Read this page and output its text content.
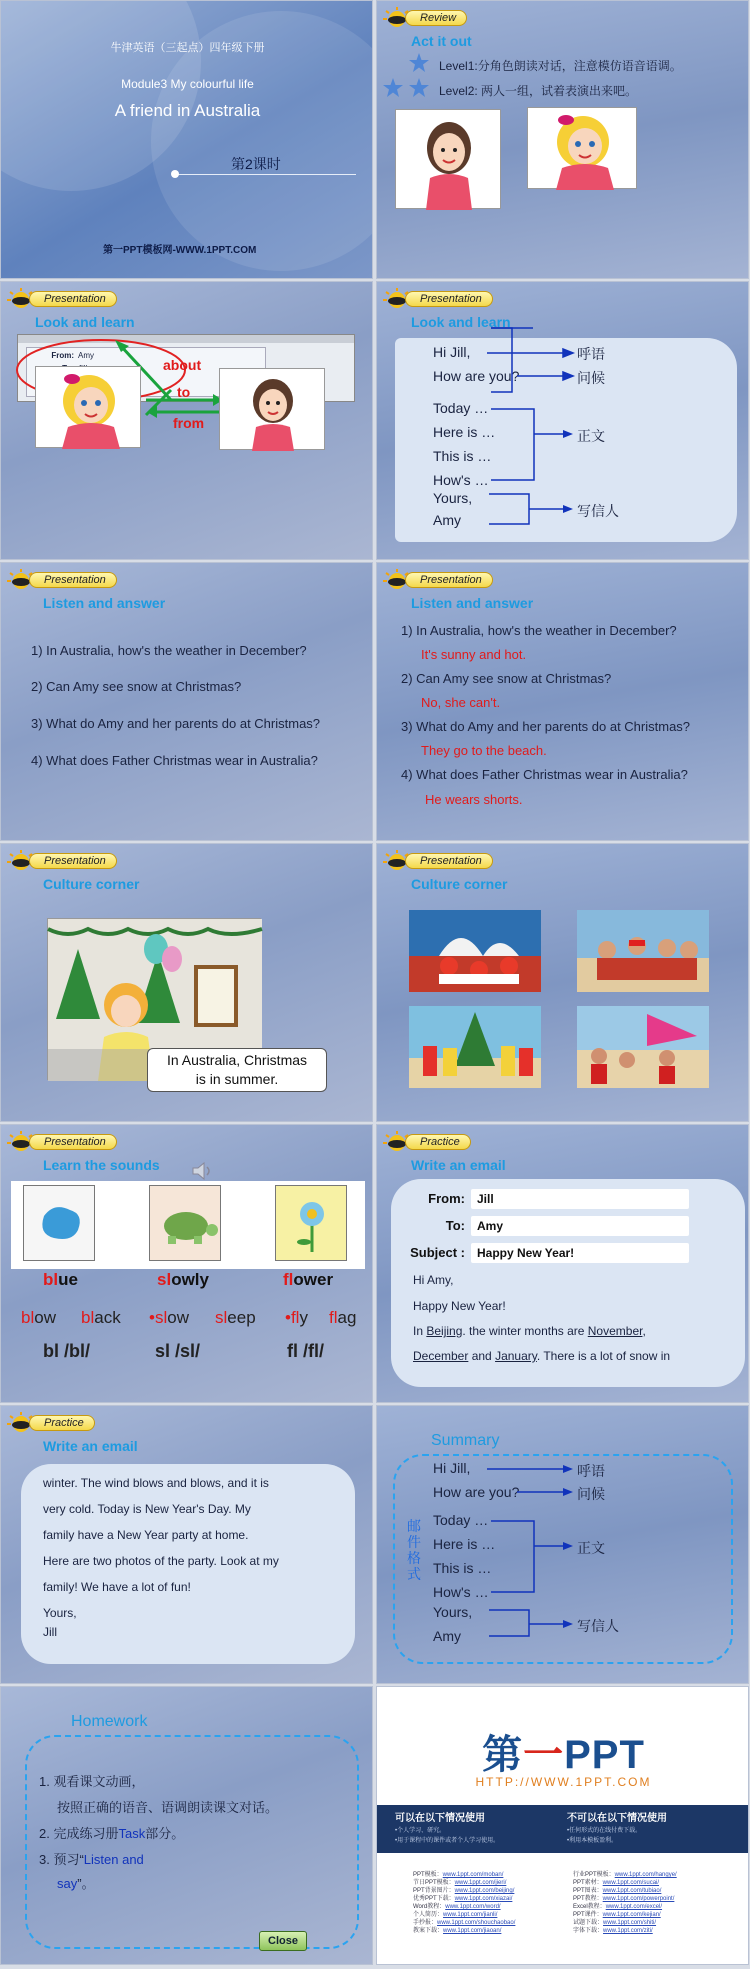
牛津英语（三起点）四年级下册
Module3 My colourful life
A friend in Australia
第2课时
第一PPT模板网-WWW.1PPT.COM
Review
Act it out
Level1:分角色朗读对话，注意模仿语音语调。
Level2: 两人一组，试着表演出来吧。
Presentation
Look and learn
From: Amy
about
to
from
Presentation
Look and learn
Hi Jill,
How are you?
Today …
Here is …
This is …
How's …
Yours,
Amy
呼语
问候
正文
写信人
Presentation
Listen and answer
1) In Australia, how's the weather in December?
2) Can Amy see snow at Christmas?
3) What do Amy and her parents do at Christmas?
4) What does Father Christmas wear in Australia?
Presentation
Listen and answer
1) In Australia, how's the weather in December?
It's sunny and hot.
2) Can Amy see snow at Christmas?
No, she can't.
3) What do Amy and her parents do at Christmas?
They go to the beach.
4) What does Father Christmas wear in Australia?
He wears shorts.
Presentation
Culture corner
In Australia, Christmas
is in summer.
Presentation
Culture corner
Presentation
Learn the sounds
blue	slowly	flower
blow black •slow sleep •fly flag
bl /bl/	sl /sl/	fl /fl/
Practice
Write an email
From:	Jill
To:	Amy
Subject :	Happy New Year!
Hi Amy,
Happy New Year!
In Beijing. the winter months are November,
December and January. There is a lot of snow in
Practice
Write an email
winter. The wind blows and blows, and it is
very cold. Today is New Year's Day. My
family have a New Year party at home.
Here are two photos of the party. Look at my
family! We have a lot of fun!
Yours,
Jill
Summary
邮件格式
Hi Jill,
How are you?
Today …
Here is …
This is …
How's …
Yours,
Amy
呼语
问候
正文
写信人
Homework
1. 观看课文动画，
按照正确的语音、语调朗读课文对话。
2. 完成练习册Task部分。
3. 预习“Listen and
say”。
Close
第一PPT
HTTP://WWW.1PPT.COM
可以在以下情况使用	不可以在以下情况使用
•个人学习、研究。
•用于课程中的课件或者个人学习使用。
•任何形式的在线付费下载。
•利用本模板盈利。
PPT模板：www.1ppt.com/moban/
节日PPT模板：www.1ppt.com/jieri/
PPT背景图片：www.1ppt.com/beijing/
优秀PPT下载：www.1ppt.com/xiazai/
Word教程：www.1ppt.com/word/
个人简历：www.1ppt.com/jianli/
手抄报：www.1ppt.com/shouchaobao/
教案下载：www.1ppt.com/jiaoan/
行业PPT模板：www.1ppt.com/hangye/
PPT素材：www.1ppt.com/sucai/
PPT图表：www.1ppt.com/tubiao/
PPT教程：www.1ppt.com/powerpoint/
Excel教程：www.1ppt.com/excel/
PPT课件：www.1ppt.com/kejian/
试题下载：www.1ppt.com/shiti/
字体下载：www.1ppt.com/ziti/
